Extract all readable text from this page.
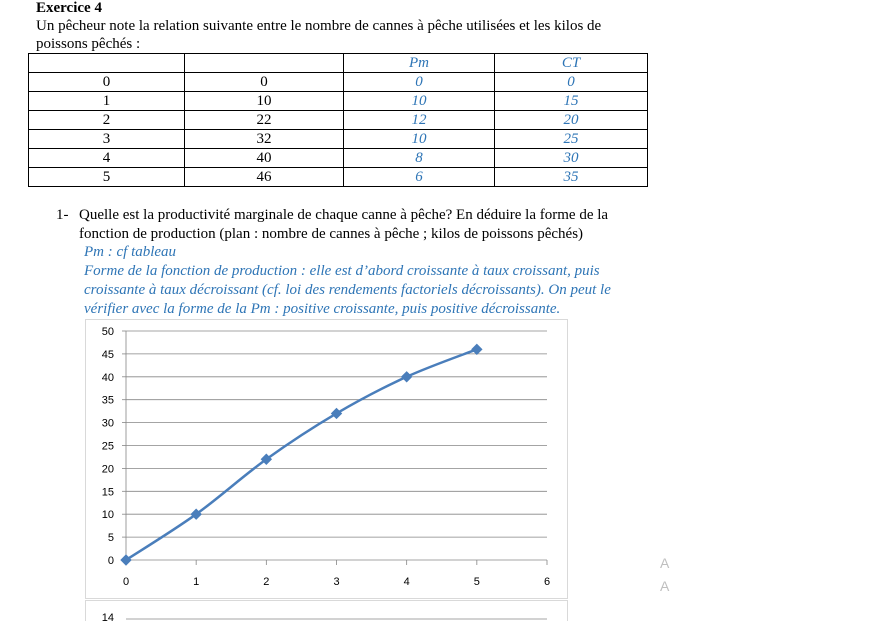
Exercice 4
Un pêcheur note la relation suivante entre le nombre de cannes à pêche utilisées et les kilos de poissons pêchés :
		Pm	CT
0	0	0	0
1	10	10	15
2	22	12	20
3	32	10	25
4	40	8	30
5	46	6	35
1- Quelle est la productivité marginale de chaque canne à pêche? En déduire la forme de la fonction de production (plan : nombre de cannes à pêche ; kilos de poissons pêchés)
Pm : cf tableau
Forme de la fonction de production : elle est d’abord croissante à taux croissant, puis croissante à taux décroissant (cf. loi des rendements factoriels décroissants). On peut le vérifier avec la forme de la Pm : positive croissante, puis positive décroissante.
0
5
10
15
20
25
30
35
40
45
50
0	1	2	3	4	5	6
14
A
A
